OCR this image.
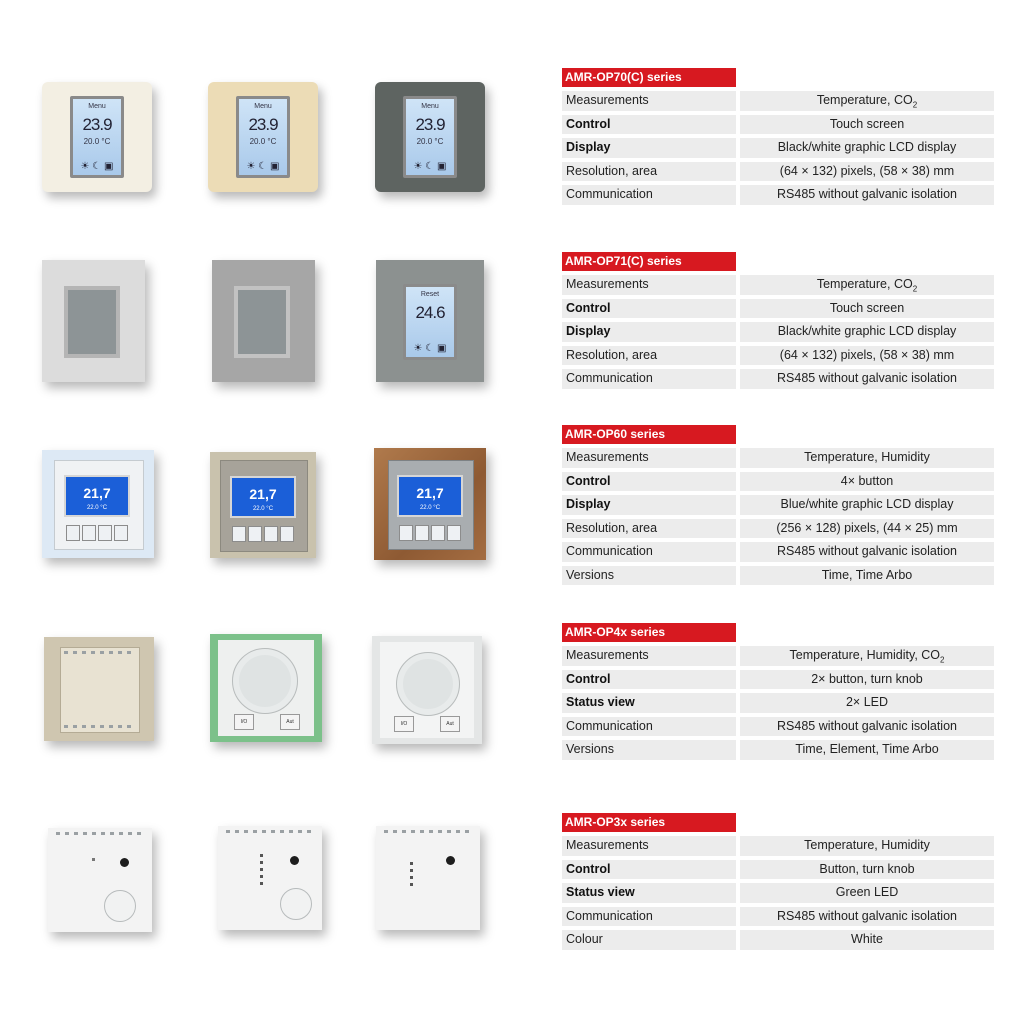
Menu
23.9
20.0 °C
☀ ☾ ▣
Menu
23.9
20.0 °C
☀ ☾ ▣
Menu
23.9
20.0 °C
☀ ☾ ▣
Reset
24.6
☀ ☾ ▣
21,7
22.0 °C
21,7
22.0 °C
21,7
22.0 °C
I/O	Aut	I/O	Aut
AMR-OP70(C) series
Measurements	Temperature, $CO_2$
Control	Touch screen
Display	Black/white graphic LCD display
Resolution, area	(64 × 132) pixels, (58 × 38) mm
Communication	RS485 without galvanic isolation
AMR-OP71(C) series
Measurements	Temperature, $CO_2$
Control	Touch screen
Display	Black/white graphic LCD display
Resolution, area	(64 × 132) pixels, (58 × 38) mm
Communication	RS485 without galvanic isolation
AMR-OP60 series
Measurements	Temperature, Humidity
Control	4× button
Display	Blue/white graphic LCD display
Resolution, area	(256 × 128) pixels, (44 × 25) mm
Communication	RS485 without galvanic isolation
Versions	Time, Time Arbo
AMR-OP4x series
Measurements	Temperature, Humidity, $CO_2$
Control	2× button, turn knob
Status view	2× LED
Communication	RS485 without galvanic isolation
Versions	Time, Element, Time Arbo
AMR-OP3x series
Measurements	Temperature, Humidity
Control	Button, turn knob
Status view	Green LED
Communication	RS485 without galvanic isolation
Colour	White
